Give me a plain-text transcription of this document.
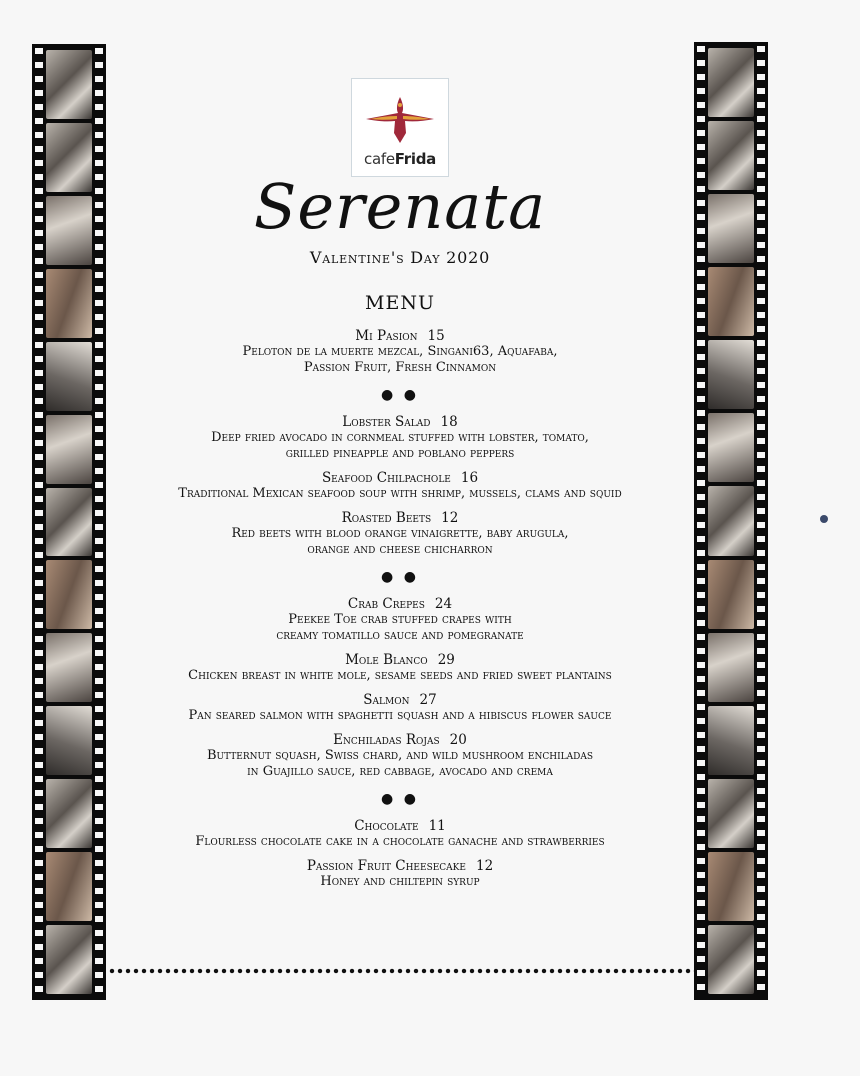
cafeFrida
Serenata
Valentine's Day 2020
MENU
Mi Pasion 15
Peloton de la muerte mezcal, Singani63, Aquafaba,
Passion Fruit, Fresh Cinnamon
● ●
Lobster Salad 18
Deep fried avocado in cornmeal stuffed with lobster, tomato,
grilled pineapple and poblano peppers
Seafood Chilpachole 16
Traditional Mexican seafood soup with shrimp, mussels, clams and squid
Roasted Beets 12
Red beets with blood orange vinaigrette, baby arugula,
orange and cheese chicharron
● ●
Crab Crepes 24
Peekee Toe crab stuffed crapes with
creamy tomatillo sauce and pomegranate
Mole Blanco 29
Chicken breast in white mole, sesame seeds and fried sweet plantains
Salmon 27
Pan seared salmon with spaghetti squash and a hibiscus flower sauce
Enchiladas Rojas 20
Butternut squash, Swiss chard, and wild mushroom enchiladas
in Guajillo sauce, red cabbage, avocado and crema
● ●
Chocolate 11
Flourless chocolate cake in a chocolate ganache and strawberries
Passion Fruit Cheesecake 12
Honey and chiltepin syrup
